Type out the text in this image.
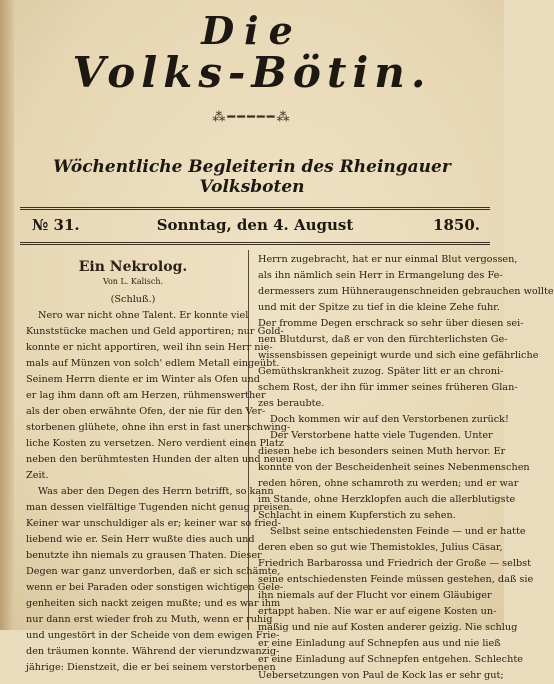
Die
Volks-Bötin.
⁂━━━━━⁂
Wöchentliche Begleiterin des Rheingauer Volksboten
№ 31.	Sonntag, den 4. August	1850.

Ein Nekrolog.

Von L. Kalisch.

(Schluß.)

Nero war nicht ohne Talent. Er konnte viel

Kunststücke machen und Geld apportiren; nur Gold-

konnte er nicht apportiren, weil ihn sein Herr nie-

mals auf Münzen von solch' edlem Metall eingeübt.

Seinem Herrn diente er im Winter als Ofen und

er lag ihm dann oft am Herzen, rühmenswerther

als der oben erwähnte Ofen, der nie für den Ver-

storbenen glühete, ohne ihn erst in fast unerschwing-

liche Kosten zu versetzen. Nero verdient einen Platz

neben den berühmtesten Hunden der alten und neuen

Zeit.

Was aber den Degen des Herrn betrifft, so kann

man dessen vielfältige Tugenden nicht genug preisen.

Keiner war unschuldiger als er; keiner war so fried-

liebend wie er. Sein Herr wußte dies auch und

benutzte ihn niemals zu grausen Thaten. Dieser

Degen war ganz unverdorben, daß er sich schämte,

wenn er bei Paraden oder sonstigen wichtigen Gele-

genheiten sich nackt zeigen mußte; und es war ihm

nur dann erst wieder froh zu Muth, wenn er ruhig

und ungestört in der Scheide von dem ewigen Frie-

den träumen konnte. Während der vierundzwanzig-

jährige: Dienstzeit, die er bei seinem verstorbenen

Herrn zugebracht, hat er nur einmal Blut vergossen,

als ihn nämlich sein Herr in Ermangelung des Fe-

dermessers zum Hühneraugenschneiden gebrauchen wollte

und mit der Spitze zu tief in die kleine Zehe fuhr.

Der fromme Degen erschrack so sehr über diesen sei-

nen Blutdurst, daß er von den fürchterlichsten Ge-

wissensbissen gepeinigt wurde und sich eine gefährliche

Gemüthskrankheit zuzog. Später litt er an chroni-

schem Rost, der ihn für immer seines früheren Glan-

zes beraubte.

Doch kommen wir auf den Verstorbenen zurück!

Der Verstorbene hatte viele Tugenden. Unter

diesen hebe ich besonders seinen Muth hervor. Er

konnte von der Bescheidenheit seines Nebenmenschen

reden hören, ohne schamroth zu werden; und er war

im Stande, ohne Herzklopfen auch die allerblutigste

Schlacht in einem Kupferstich zu sehen.

Selbst seine entschiedensten Feinde — und er hatte

deren eben so gut wie Themistokles, Julius Cäsar,

Friedrich Barbarossa und Friedrich der Große — selbst

seine entschiedensten Feinde müssen gestehen, daß sie

ihn niemals auf der Flucht vor einem Gläubiger

ertappt haben. Nie war er auf eigene Kosten un-

mäßig und nie auf Kosten anderer geizig. Nie schlug

er eine Einladung auf Schnepfen aus und nie ließ

er eine Einladung auf Schnepfen entgehen. Schlechte

Uebersetzungen von Paul de Kock las er sehr gut;
